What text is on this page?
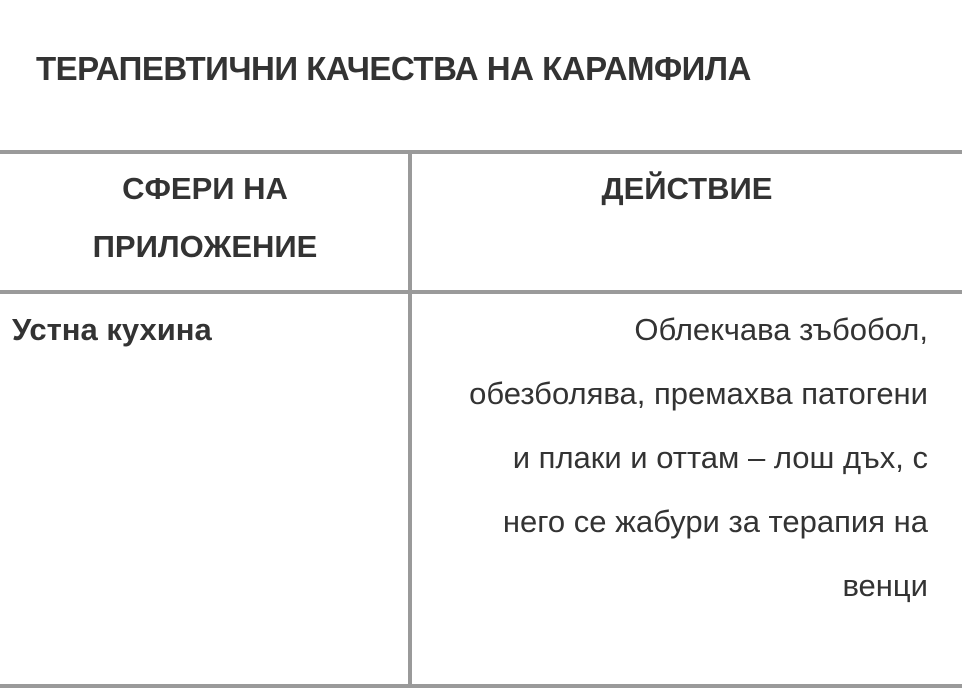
ТЕРАПЕВТИЧНИ КАЧЕСТВА НА КАРАМФИЛА
СФЕРИ НА ПРИЛОЖЕНИЕ
ДЕЙСТВИЕ
Устна кухина	Облекчава зъбобол, обезболява, премахва патогени и плаки и оттам – лош дъх, с него се жабури за терапия на венци
